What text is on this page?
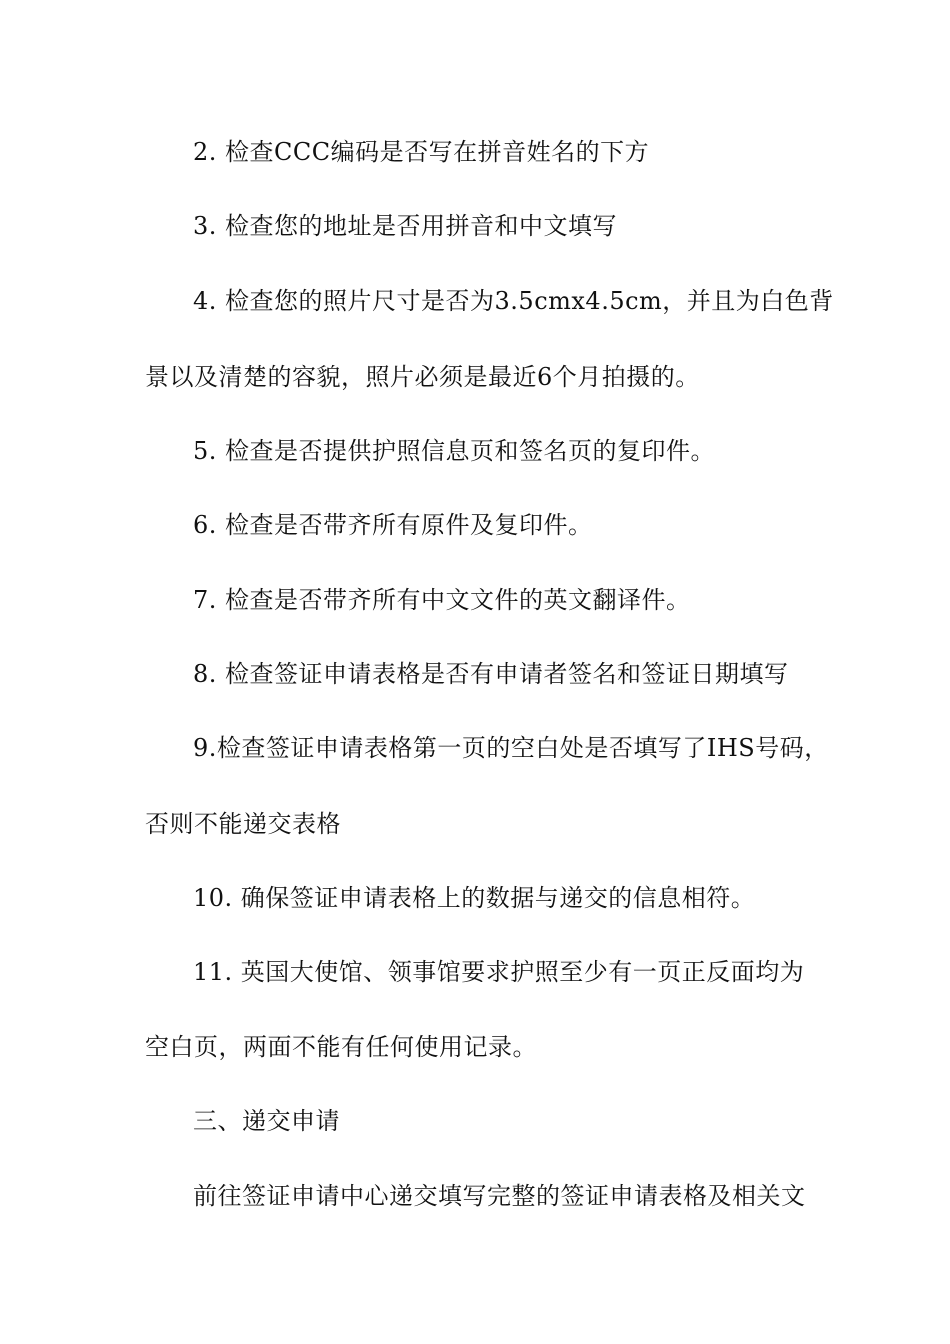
2. 检查CCC编码是否写在拼音姓名的下方
3. 检查您的地址是否用拼音和中文填写
4. 检查您的照片尺寸是否为3.5cmx4.5cm，并且为白色背
景以及清楚的容貌，照片必须是最近6个月拍摄的。
5. 检查是否提供护照信息页和签名页的复印件。
6. 检查是否带齐所有原件及复印件。
7. 检查是否带齐所有中文文件的英文翻译件。
8. 检查签证申请表格是否有申请者签名和签证日期填写
9.检查签证申请表格第一页的空白处是否填写了IHS号码，
否则不能递交表格
10. 确保签证申请表格上的数据与递交的信息相符。
11. 英国大使馆、领事馆要求护照至少有一页正反面均为
空白页，两面不能有任何使用记录。
三、递交申请
前往签证申请中心递交填写完整的签证申请表格及相关文
